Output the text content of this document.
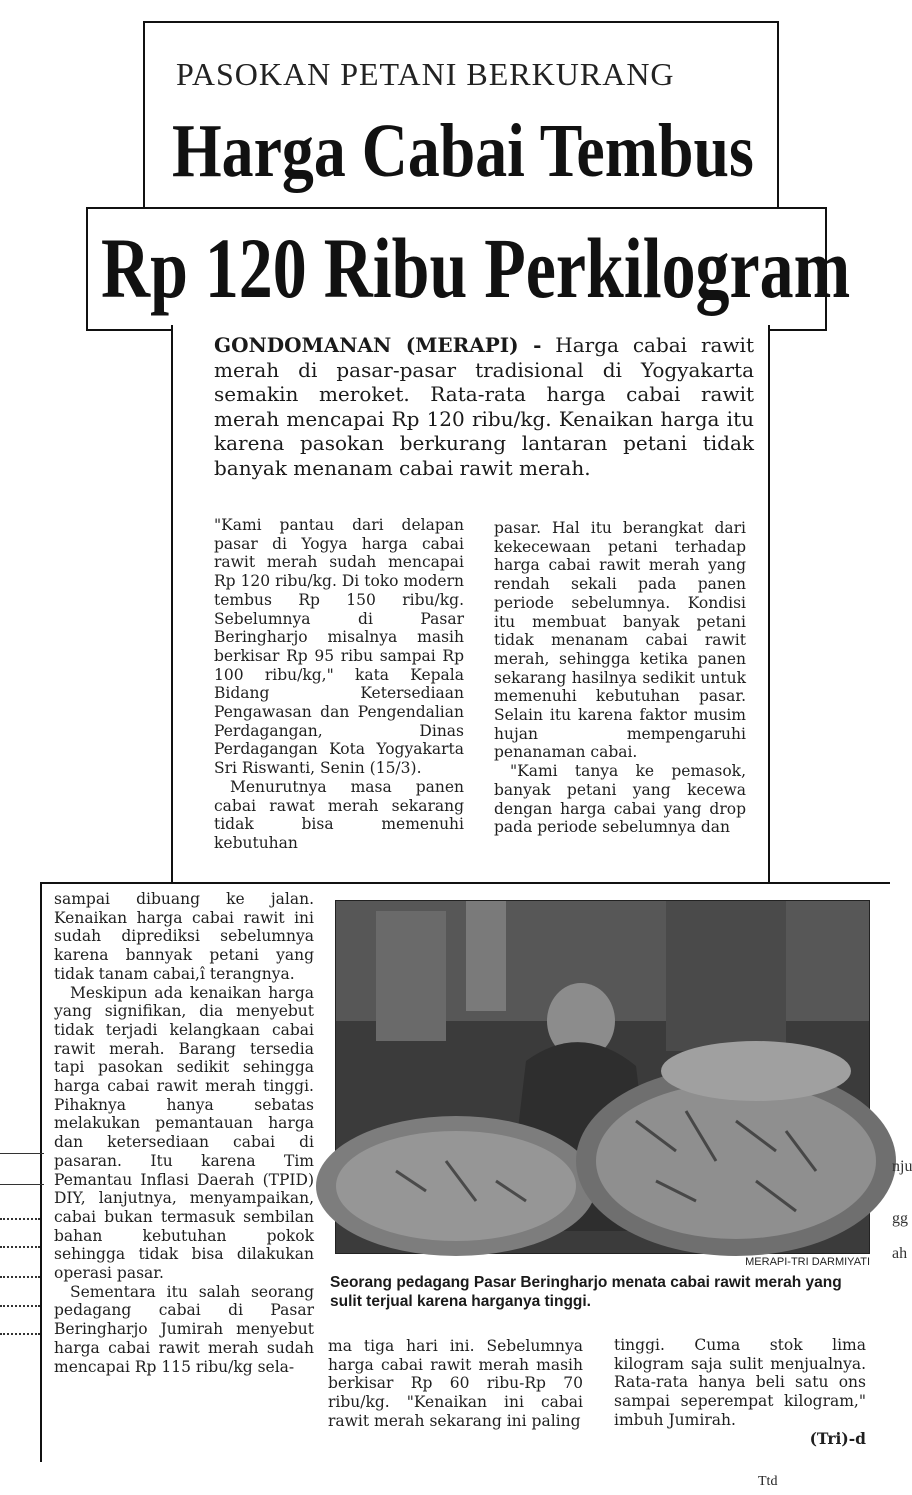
PASOKAN PETANI BERKURANG
Harga Cabai Tembus
Rp 120 Ribu Perkilogram
GONDOMANAN (MERAPI) - Harga cabai rawit merah di pasar-pasar tradisional di Yogyakarta semakin meroket. Rata-rata harga cabai rawit merah mencapai Rp 120 ribu/kg. Kenaikan harga itu karena pasokan berkurang lantaran petani tidak banyak menanam cabai rawit merah.

"Kami pantau dari delapan pasar di Yogya harga cabai rawit merah sudah mencapai Rp 120 ribu/kg. Di toko modern tembus Rp 150 ribu/kg. Sebelumnya di Pasar Beringharjo misalnya masih berkisar Rp 95 ribu sampai Rp 100 ribu/kg," kata Kepala Bidang Ketersediaan Pengawasan dan Pengendalian Perdagangan, Dinas Perdagangan Kota Yogyakarta Sri Riswanti, Senin (15/3).

Menurutnya masa panen cabai rawat merah sekarang tidak bisa memenuhi kebutuhan

pasar. Hal itu berangkat dari kekecewaan petani terhadap harga cabai rawit merah yang rendah sekali pada panen periode sebelumnya. Kondisi itu membuat banyak petani tidak menanam cabai rawit merah, sehingga ketika panen sekarang hasilnya sedikit untuk memenuhi kebutuhan pasar. Selain itu karena faktor musim hujan mempengaruhi penanaman cabai.

"Kami tanya ke pemasok, banyak petani yang kecewa dengan harga cabai yang drop pada periode sebelumnya dan

sampai dibuang ke jalan. Kenaikan harga cabai rawit ini sudah diprediksi sebelumnya karena bannyak petani yang tidak tanam cabai,î terangnya.

Meskipun ada kenaikan harga yang signifikan, dia menyebut tidak terjadi kelangkaan cabai rawit merah. Barang tersedia tapi pasokan sedikit sehingga harga cabai rawit merah tinggi. Pihaknya hanya sebatas melakukan pemantauan harga dan ketersediaan cabai di pasaran. Itu karena Tim Pemantau Inflasi Daerah (TPID) DIY, lanjutnya, menyampaikan, cabai bukan termasuk sembilan bahan kebutuhan pokok sehingga tidak bisa dilakukan operasi pasar.

Sementara itu salah seorang pedagang cabai di Pasar Beringharjo Jumirah menyebut harga cabai rawit merah sudah mencapai Rp 115 ribu/kg sela-

MERAPI-TRI DARMIYATI
Seorang pedagang Pasar Beringharjo menata cabai rawit merah yang sulit terjual karena harganya tinggi.

ma tiga hari ini. Sebelumnya harga cabai rawit merah masih berkisar Rp 60 ribu-Rp 70 ribu/kg. "Kenaikan ini cabai rawit merah sekarang ini paling

tinggi. Cuma stok lima kilogram saja sulit menjualnya. Rata-rata hanya beli satu ons sampai seperempat kilogram," imbuh Jumirah.

(Tri)-d

nju
gg
ah
Ttd
